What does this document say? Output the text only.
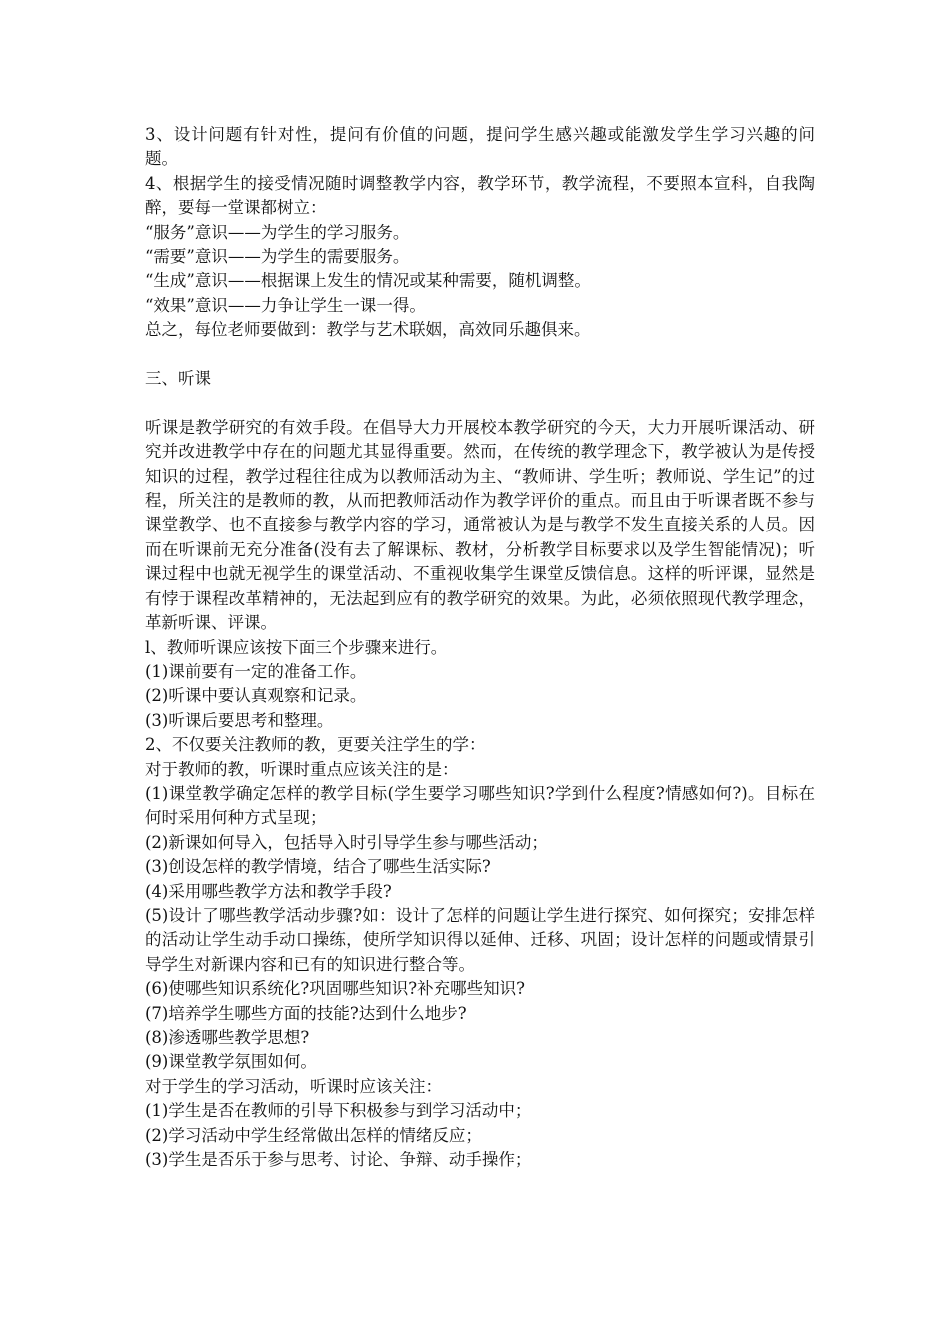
3、设计问题有针对性，提问有价值的问题，提问学生感兴趣或能激发学生学习兴趣的问题。

4、根据学生的接受情况随时调整教学内容，教学环节，教学流程，不要照本宣科，自我陶醉，要每一堂课都树立：

“服务”意识——为学生的学习服务。

“需要”意识——为学生的需要服务。

“生成”意识——根据课上发生的情况或某种需要，随机调整。

“效果”意识——力争让学生一课一得。

总之，每位老师要做到：教学与艺术联姻，高效同乐趣俱来。

三、听课

听课是教学研究的有效手段。在倡导大力开展校本教学研究的今天，大力开展听课活动、研究并改进教学中存在的问题尤其显得重要。然而，在传统的教学理念下，教学被认为是传授知识的过程，教学过程往往成为以教师活动为主、“教师讲、学生听；教师说、学生记”的过程，所关注的是教师的教，从而把教师活动作为教学评价的重点。而且由于听课者既不参与课堂教学、也不直接参与教学内容的学习，通常被认为是与教学不发生直接关系的人员。因而在听课前无充分准备(没有去了解课标、教材，分析教学目标要求以及学生智能情况)；听课过程中也就无视学生的课堂活动、不重视收集学生课堂反馈信息。这样的听评课，显然是有悖于课程改革精神的，无法起到应有的教学研究的效果。为此，必须依照现代教学理念，革新听课、评课。

l、教师听课应该按下面三个步骤来进行。

(1)课前要有一定的准备工作。

(2)听课中要认真观察和记录。

(3)听课后要思考和整理。

2、不仅要关注教师的教，更要关注学生的学：

对于教师的教，听课时重点应该关注的是：

(1)课堂教学确定怎样的教学目标(学生要学习哪些知识?学到什么程度?情感如何?)。目标在何时采用何种方式呈现；

(2)新课如何导入，包括导入时引导学生参与哪些活动；

(3)创设怎样的教学情境，结合了哪些生活实际?

(4)采用哪些教学方法和教学手段?

(5)设计了哪些教学活动步骤?如：设计了怎样的问题让学生进行探究、如何探究；安排怎样的活动让学生动手动口操练，使所学知识得以延伸、迁移、巩固；设计怎样的问题或情景引导学生对新课内容和已有的知识进行整合等。

(6)使哪些知识系统化?巩固哪些知识?补充哪些知识?

(7)培养学生哪些方面的技能?达到什么地步?

(8)渗透哪些教学思想?

(9)课堂教学氛围如何。

对于学生的学习活动，听课时应该关注：

(1)学生是否在教师的引导下积极参与到学习活动中；

(2)学习活动中学生经常做出怎样的情绪反应；

(3)学生是否乐于参与思考、讨论、争辩、动手操作；
